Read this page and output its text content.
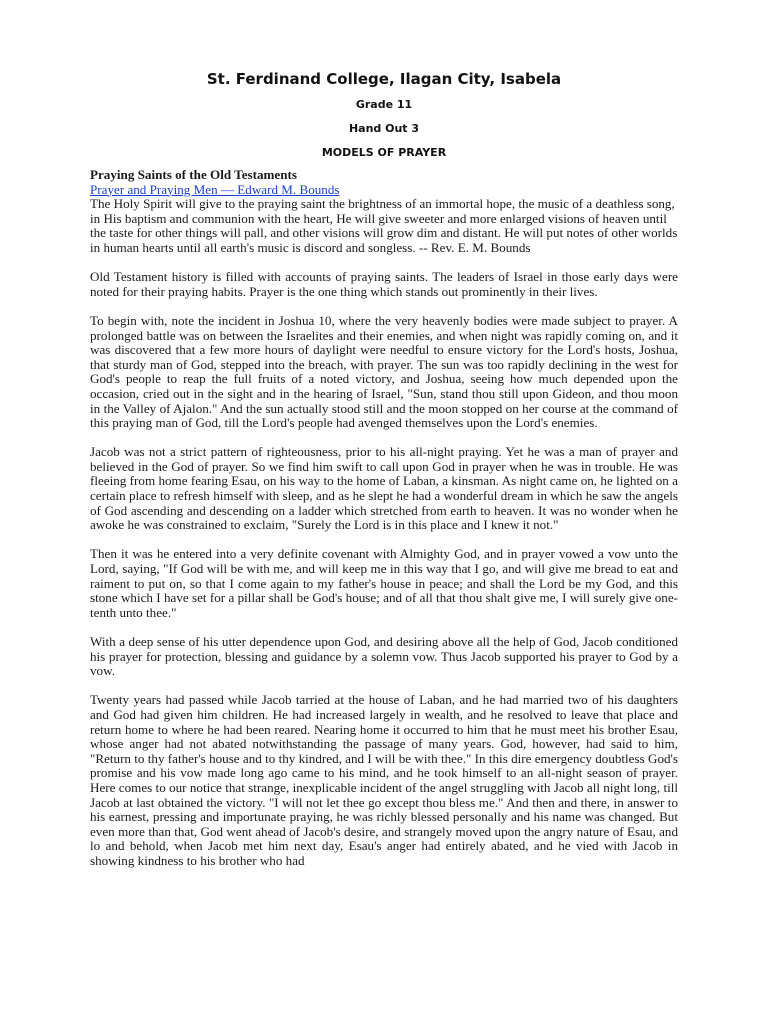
St. Ferdinand College, Ilagan City, Isabela
Grade 11
Hand Out 3
MODELS OF PRAYER
Praying Saints of the Old Testaments
Prayer and Praying Men — Edward M. Bounds

The Holy Spirit will give to the praying saint the brightness of an immortal hope, the music of a deathless song, in His baptism and communion with the heart, He will give sweeter and more enlarged visions of heaven until the taste for other things will pall, and other visions will grow dim and distant. He will put notes of other worlds in human hearts until all earth's music is discord and songless. -- Rev. E. M. Bounds

Old Testament history is filled with accounts of praying saints. The leaders of Israel in those early days were noted for their praying habits. Prayer is the one thing which stands out prominently in their lives.

To begin with, note the incident in Joshua 10, where the very heavenly bodies were made subject to prayer. A prolonged battle was on between the Israelites and their enemies, and when night was rapidly coming on, and it was discovered that a few more hours of daylight were needful to ensure victory for the Lord's hosts, Joshua, that sturdy man of God, stepped into the breach, with prayer. The sun was too rapidly declining in the west for God's people to reap the full fruits of a noted victory, and Joshua, seeing how much depended upon the occasion, cried out in the sight and in the hearing of Israel, "Sun, stand thou still upon Gideon, and thou moon in the Valley of Ajalon." And the sun actually stood still and the moon stopped on her course at the command of this praying man of God, till the Lord's people had avenged themselves upon the Lord's enemies.

Jacob was not a strict pattern of righteousness, prior to his all-night praying. Yet he was a man of prayer and believed in the God of prayer. So we find him swift to call upon God in prayer when he was in trouble. He was fleeing from home fearing Esau, on his way to the home of Laban, a kinsman. As night came on, he lighted on a certain place to refresh himself with sleep, and as he slept he had a wonderful dream in which he saw the angels of God ascending and descending on a ladder which stretched from earth to heaven. It was no wonder when he awoke he was constrained to exclaim, "Surely the Lord is in this place and I knew it not."

Then it was he entered into a very definite covenant with Almighty God, and in prayer vowed a vow unto the Lord, saying, "If God will be with me, and will keep me in this way that I go, and will give me bread to eat and raiment to put on, so that I come again to my father's house in peace; and shall the Lord be my God, and this stone which I have set for a pillar shall be God's house; and of all that thou shalt give me, I will surely give one-tenth unto thee."

With a deep sense of his utter dependence upon God, and desiring above all the help of God, Jacob conditioned his prayer for protection, blessing and guidance by a solemn vow. Thus Jacob supported his prayer to God by a vow.

Twenty years had passed while Jacob tarried at the house of Laban, and he had married two of his daughters and God had given him children. He had increased largely in wealth, and he resolved to leave that place and return home to where he had been reared. Nearing home it occurred to him that he must meet his brother Esau, whose anger had not abated notwithstanding the passage of many years. God, however, had said to him, "Return to thy father's house and to thy kindred, and I will be with thee." In this dire emergency doubtless God's promise and his vow made long ago came to his mind, and he took himself to an all-night season of prayer. Here comes to our notice that strange, inexplicable incident of the angel struggling with Jacob all night long, till Jacob at last obtained the victory. "I will not let thee go except thou bless me." And then and there, in answer to his earnest, pressing and importunate praying, he was richly blessed personally and his name was changed. But even more than that, God went ahead of Jacob's desire, and strangely moved upon the angry nature of Esau, and lo and behold, when Jacob met him next day, Esau's anger had entirely abated, and he vied with Jacob in showing kindness to his brother who had
